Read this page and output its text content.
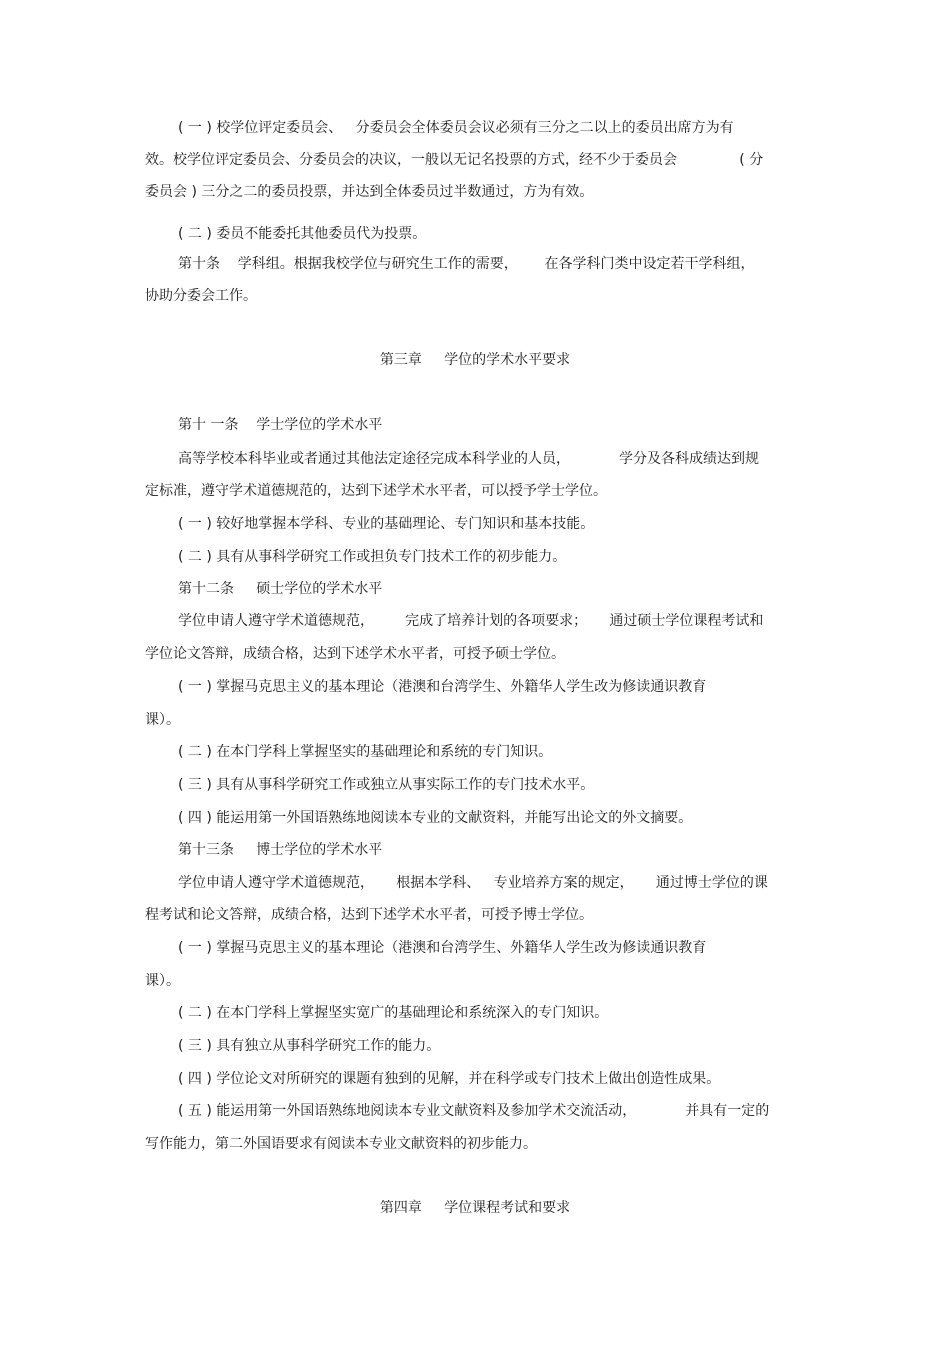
( 一 ) 校学位评定委员会、   分委员会全体委员会议必须有三分之二以上的委员出席方为有

效。校学位评定委员会、分委员会的决议，一般以无记名投票的方式，经不少于委员会              ( 分

委员会 ) 三分之二的委员投票，并达到全体委员过半数通过，方为有效。

( 二 ) 委员不能委托其他委员代为投票。

第十条    学科组。根据我校学位与研究生工作的需要，      在各学科门类中设定若干学科组，

协助分委会工作。

第三章     学位的学术水平要求

第十 一条    学士学位的学术水平

高等学校本科毕业或者通过其他法定途径完成本科学业的人员，           学分及各科成绩达到规

定标准，遵守学术道德规范的，达到下述学术水平者，可以授予学士学位。

( 一 ) 较好地掌握本学科、专业的基础理论、专门知识和基本技能。

( 二 ) 具有从事科学研究工作或担负专门技术工作的初步能力。

第十二条     硕士学位的学术水平

学位申请人遵守学术道德规范，       完成了培养计划的各项要求；     通过硕士学位课程考试和

学位论文答辩，成绩合格，达到下述学术水平者，可授予硕士学位。

( 一 ) 掌握马克思主义的基本理论（港澳和台湾学生、外籍华人学生改为修读通识教育

课）。

( 二 ) 在本门学科上掌握坚实的基础理论和系统的专门知识。

( 三 ) 具有从事科学研究工作或独立从事实际工作的专门技术水平。

( 四 ) 能运用第一外国语熟练地阅读本专业的文献资料，并能写出论文的外文摘要。

第十三条     博士学位的学术水平

学位申请人遵守学术道德规范，     根据本学科、   专业培养方案的规定，     通过博士学位的课

程考试和论文答辩，成绩合格，达到下述学术水平者，可授予博士学位。

( 一 ) 掌握马克思主义的基本理论（港澳和台湾学生、外籍华人学生改为修读通识教育

课）。

( 二 ) 在本门学科上掌握坚实宽广的基础理论和系统深入的专门知识。

( 三 ) 具有独立从事科学研究工作的能力。

( 四 ) 学位论文对所研究的课题有独到的见解，并在科学或专门技术上做出创造性成果。

( 五 ) 能运用第一外国语熟练地阅读本专业文献资料及参加学术交流活动，           并具有一定的

写作能力，第二外国语要求有阅读本专业文献资料的初步能力。

第四章     学位课程考试和要求
